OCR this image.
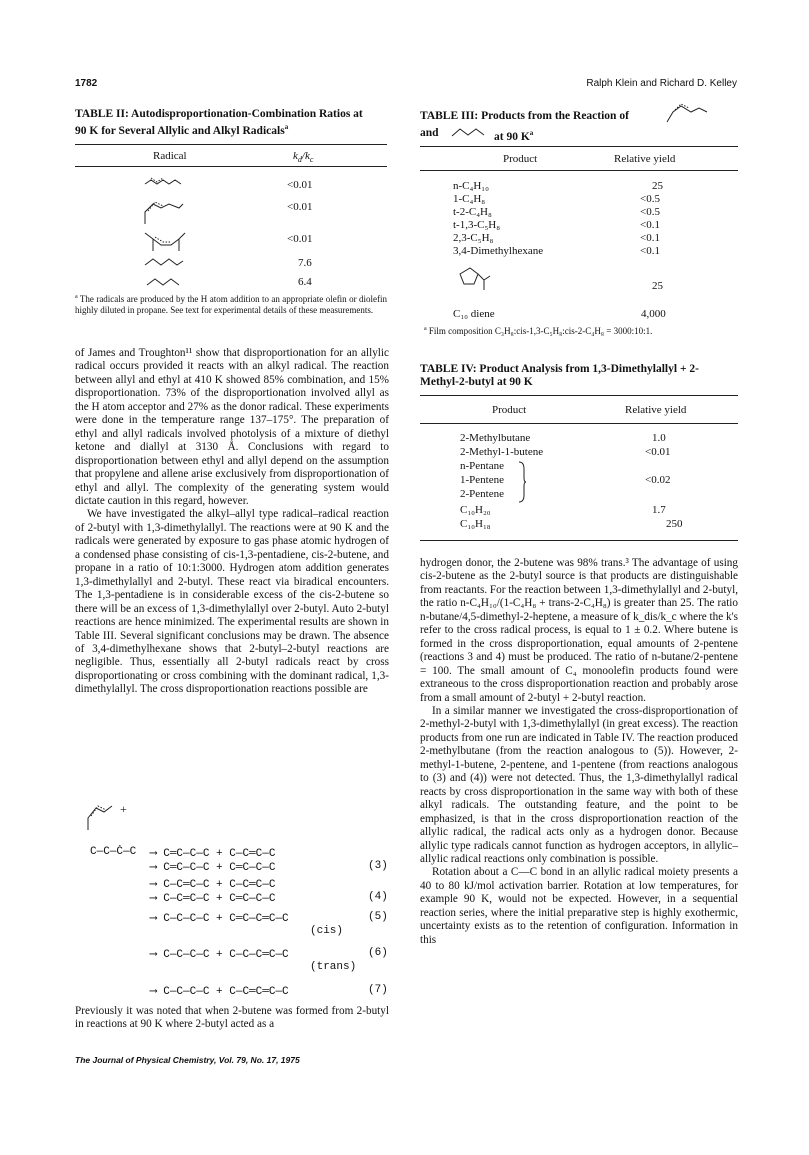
1782	Ralph Klein and Richard D. Kelley
TABLE II: Autodisproportionation-Combination Ratios at 90 K for Several Allylic and Alkyl Radicals$^a$
Radical	$k_d/k_c$
<0.01
<0.01
<0.01
7.6
6.4
$^a$ The radicals are produced by the H atom addition to an appropriate olefin or diolefin highly diluted in propane. See text for experimental details of these measurements.
TABLE III: Products from the Reaction of
and	at 90 $K^a$
Product	Relative yield
n-C₄H₁₀	25
1-C₄H₈	<0.5
t-2-C₄H₈	<0.5
t-1,3-C₅H₈	<0.1
2,3-C₅H₈	<0.1
3,4-Dimethylhexane	<0.1
25
C₁₀ diene	4,000
$^a$ Film composition C₃H₈:cis-1,3-C₅H₈:cis-2-C₄H₈ = 3000:10:1.

of James and Troughton¹¹ show that disproportionation for an allylic radical occurs provided it reacts with an alkyl radical. The reaction between allyl and ethyl at 410 K showed 85% combination, and 15% disproportionation. 73% of the disproportionation involved allyl as the H atom acceptor and 27% as the donor radical. These experiments were done in the temperature range 137–175°. The preparation of ethyl and allyl radicals involved photolysis of a mixture of diethyl ketone and diallyl at 3130 Å. Conclusions with regard to disproportionation between ethyl and allyl depend on the assumption that propylene and allene arise exclusively from disproportionation of ethyl and allyl. The complexity of the generating system would dictate caution in this regard, however.

We have investigated the alkyl–allyl type radical–radical reaction of 2-butyl with 1,3-dimethylallyl. The reactions were at 90 K and the radicals were generated by exposure to gas phase atomic hydrogen of a condensed phase consisting of cis-1,3-pentadiene, cis-2-butene, and propane in a ratio of 10:1:3000. Hydrogen atom addition generates 1,3-dimethylallyl and 2-butyl. These react via biradical encounters. The 1,3-pentadiene is in considerable excess of the cis-2-butene so there will be an excess of 1,3-dimethylallyl over 2-butyl. Auto 2-butyl reactions are hence minimized. The experimental results are shown in Table III. Several significant conclusions may be drawn. The absence of 3,4-dimethylhexane shows that 2-butyl–2-butyl reactions are negligible. Thus, essentially all 2-butyl radicals react by cross disproportionating or cross combining with the dominant radical, 1,3-dimethylallyl. The cross disproportionation reactions possible are

+
C—C—Ċ—C ⟶ C═C—C—C + C—C═C—C
⟶ C═C—C—C + C═C—C—C	(3)
⟶ C—C═C—C + C—C═C—C
⟶ C—C═C—C + C═C—C—C	(4)
⟶ C—C—C—C + C═C—C═C—C	(5)
(cis)
⟶ C—C—C—C + C—C—C═C—C	(6)
(trans)
⟶ C—C—C—C + C—C═C═C—C	(7)
Previously it was noted that when 2-butene was formed from 2-butyl in reactions at 90 K where 2-butyl acted as a
TABLE IV: Product Analysis from 1,3-Dimethylallyl + 2-Methyl-2-butyl at 90 K
Product	Relative yield
2-Methylbutane	1.0
2-Methyl-1-butene	<0.01
n-Pentane
1-Pentene
2-Pentene
<0.02
C₁₀H₂₀	1.7
C₁₀H₁₈	250

hydrogen donor, the 2-butene was 98% trans.³ The advantage of using cis-2-butene as the 2-butyl source is that products are distinguishable from reactants. For the reaction between 1,3-dimethylallyl and 2-butyl, the ratio n-C₄H₁₀/(1-C₄H₈ + trans-2-C₄H₈) is greater than 25. The ratio n-butane/4,5-dimethyl-2-heptene, a measure of k_dis/k_c where the k's refer to the cross radical process, is equal to 1 ± 0.2. Where butene is formed in the cross disproportionation, equal amounts of 2-pentene (reactions 3 and 4) must be produced. The ratio of n-butane/2-pentene = 100. The small amount of C₄ monoolefin products found were extraneous to the cross disproportionation reaction and probably arose from a small amount of 2-butyl + 2-butyl reaction.

In a similar manner we investigated the cross-disproportionation of 2-methyl-2-butyl with 1,3-dimethylallyl (in great excess). The reaction products from one run are indicated in Table IV. The reaction produced 2-methylbutane (from the reaction analogous to (5)). However, 2-methyl-1-butene, 2-pentene, and 1-pentene (from reactions analogous to (3) and (4)) were not detected. Thus, the 1,3-dimethylallyl radical reacts by cross disproportionation in the same way with both of these alkyl radicals. The outstanding feature, and the point to be emphasized, is that in the cross disproportionation reaction of the allylic radical, the radical acts only as a hydrogen donor. Because allylic type radicals cannot function as hydrogen acceptors, in allylic–allylic radical reactions only combination is possible.

Rotation about a C—C bond in an allylic radical moiety presents a 40 to 80 kJ/mol activation barrier. Rotation at low temperatures, for example 90 K, would not be expected. However, in a sequential reaction series, where the initial preparative step is highly exothermic, uncertainty exists as to the retention of configuration. Information in this

The Journal of Physical Chemistry, Vol. 79, No. 17, 1975
